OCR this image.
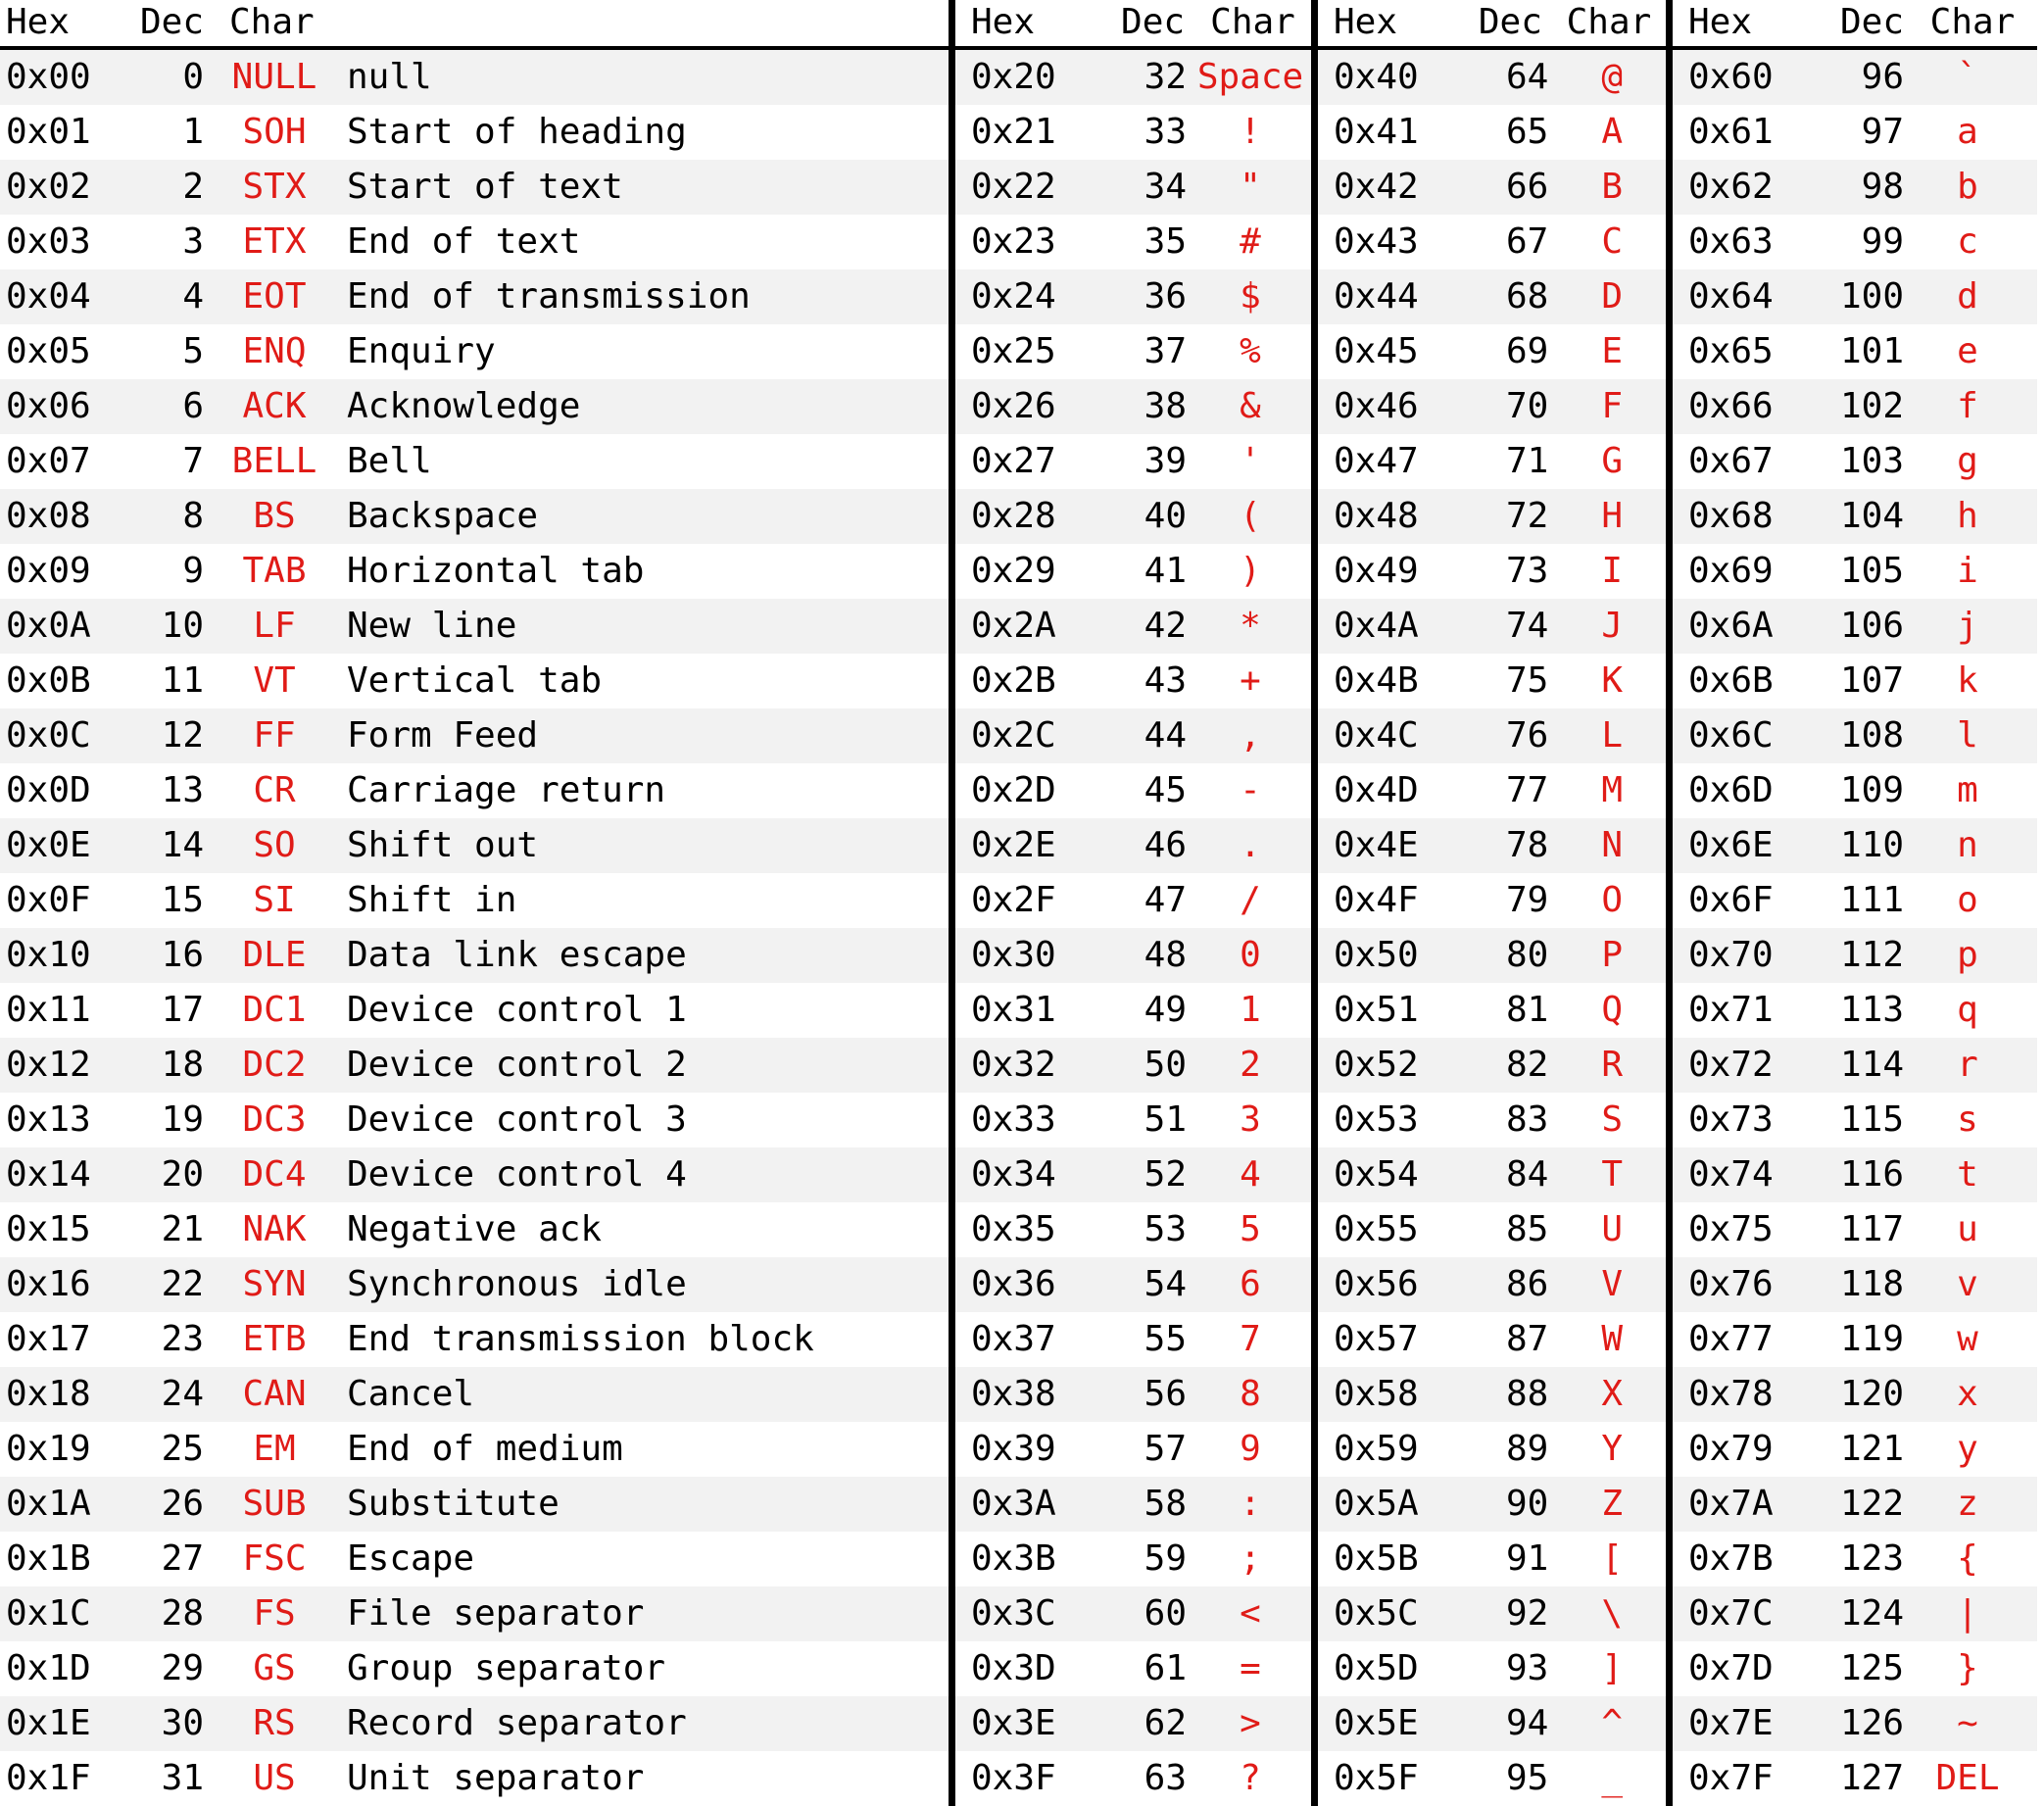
Hex	Dec Char
0x00	0 NULL null
0x01	1	SOH	Start of heading
0x02	2	STX	Start of text
0x03	3	ETX	End of text
0x04	4	EOT	End of transmission
0x05	5	ENQ	Enquiry
0x06	6	ACK	Acknowledge
0x07	7 BELL Bell
0x08	8	BS	Backspace
0x09	9	TAB	Horizontal tab
0x0A	10	LF	New line
0x0B	11	VT	Vertical tab
0x0C	12	FF	Form Feed
0x0D	13	CR	Carriage return
0x0E	14	SO	Shift out
0x0F	15	SI	Shift in
0x10	16	DLE	Data link escape
0x11	17	DC1	Device control 1
0x12	18	DC2	Device control 2
0x13	19	DC3	Device control 3
0x14	20	DC4	Device control 4
0x15	21	NAK	Negative ack
0x16	22	SYN	Synchronous idle
0x17	23	ETB	End transmission block
0x18	24	CAN	Cancel
0x19	25	EM	End of medium
0x1A	26	SUB	Substitute
0x1B	27	FSC	Escape
0x1C	28	FS	File separator
0x1D	29	GS	Group separator
0x1E	30	RS	Record separator
0x1F	31	US	Unit separator
Hex	Dec Char
0x20	32 Space
0x21	33	!
0x22	34	"
0x23	35	#
0x24	36	$
0x25	37	%
0x26	38	&
0x27	39	'
0x28	40	(
0x29	41	)
0x2A	42	*
0x2B	43	+
0x2C	44	,
0x2D	45	-
0x2E	46	.
0x2F	47	/
0x30	48	0
0x31	49	1
0x32	50	2
0x33	51	3
0x34	52	4
0x35	53	5
0x36	54	6
0x37	55	7
0x38	56	8
0x39	57	9
0x3A	58	:
0x3B	59	;
0x3C	60	<
0x3D	61	=
0x3E	62	>
0x3F	63	?
Hex	Dec Char
0x40	64	@
0x41	65	A
0x42	66	B
0x43	67	C
0x44	68	D
0x45	69	E
0x46	70	F
0x47	71	G
0x48	72	H
0x49	73	I
0x4A	74	J
0x4B	75	K
0x4C	76	L
0x4D	77	M
0x4E	78	N
0x4F	79	O
0x50	80	P
0x51	81	Q
0x52	82	R
0x53	83	S
0x54	84	T
0x55	85	U
0x56	86	V
0x57	87	W
0x58	88	X
0x59	89	Y
0x5A	90	Z
0x5B	91	[
0x5C	92	\
0x5D	93	]
0x5E	94	^
0x5F	95	_
Hex	Dec Char
0x60	96	`
0x61	97	a
0x62	98	b
0x63	99	c
0x64	100	d
0x65	101	e
0x66	102	f
0x67	103	g
0x68	104	h
0x69	105	i
0x6A	106	j
0x6B	107	k
0x6C	108	l
0x6D	109	m
0x6E	110	n
0x6F	111	o
0x70	112	p
0x71	113	q
0x72	114	r
0x73	115	s
0x74	116	t
0x75	117	u
0x76	118	v
0x77	119	w
0x78	120	x
0x79	121	y
0x7A	122	z
0x7B	123	{
0x7C	124	|
0x7D	125	}
0x7E	126	~
0x7F	127 DEL
